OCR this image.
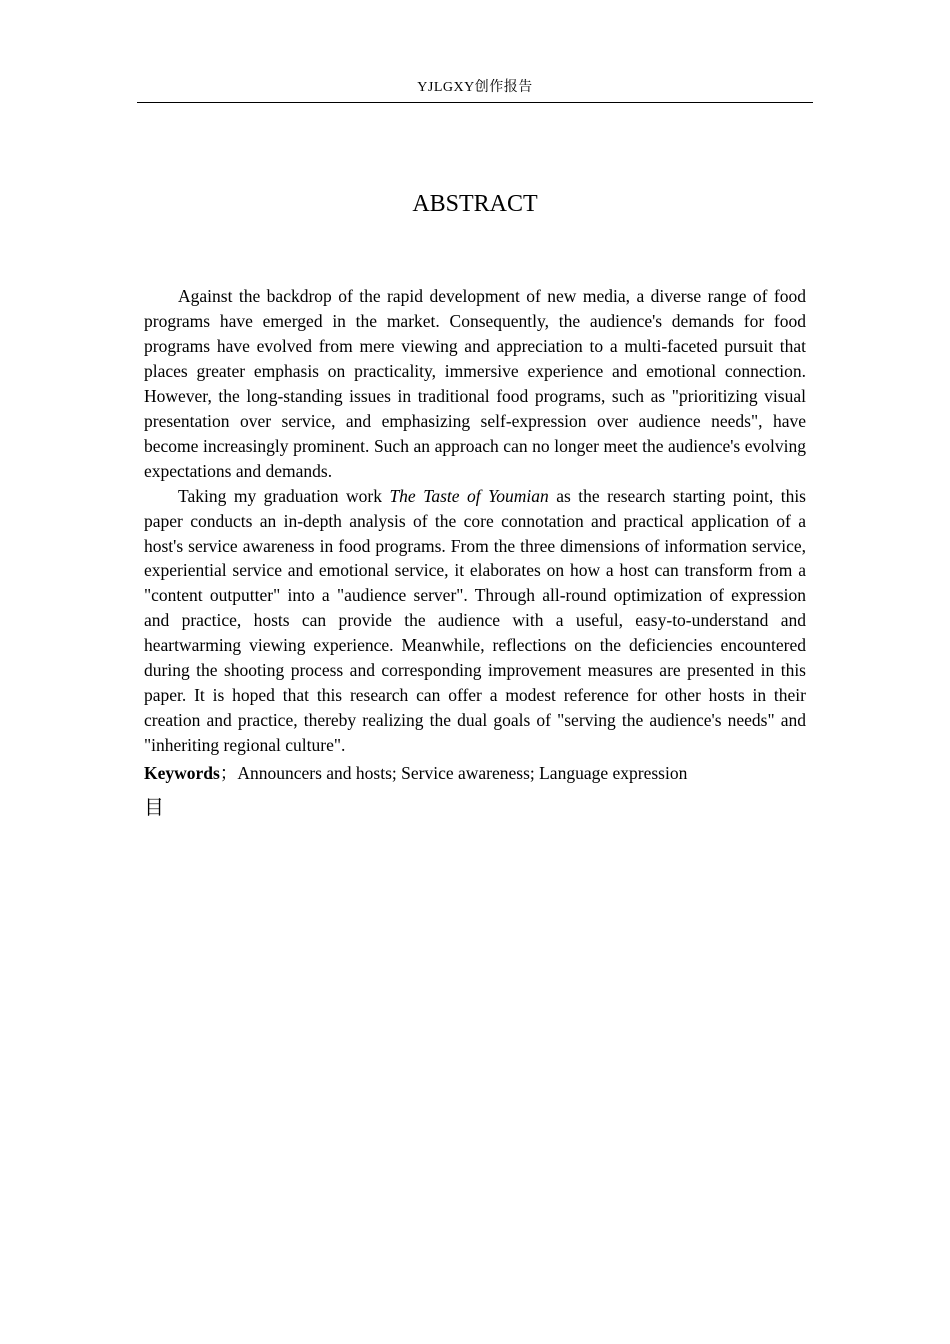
YJLGXY创作报告
ABSTRACT

Against the backdrop of the rapid development of new media, a diverse range of food programs have emerged in the market. Consequently, the audience's demands for food programs have evolved from mere viewing and appreciation to a multi-faceted pursuit that places greater emphasis on practicality, immersive experience and emotional connection. However, the long-standing issues in traditional food programs, such as "prioritizing visual presentation over service, and emphasizing self-expression over audience needs", have become increasingly prominent. Such an approach can no longer meet the audience's evolving expectations and demands.

Taking my graduation work The Taste of Youmian as the research starting point, this paper conducts an in-depth analysis of the core connotation and practical application of a host's service awareness in food programs. From the three dimensions of information service, experiential service and emotional service, it elaborates on how a host can transform from a "content outputter" into a "audience server". Through all-round optimization of expression and practice, hosts can provide the audience with a useful, easy-to-understand and heartwarming viewing experience. Meanwhile, reflections on the deficiencies encountered during the shooting process and corresponding improvement measures are presented in this paper. It is hoped that this research can offer a modest reference for other hosts in their creation and practice, thereby realizing the dual goals of "serving the audience's needs" and "inheriting regional culture".

Keywords；Announcers and hosts; Service awareness; Language expression

目
